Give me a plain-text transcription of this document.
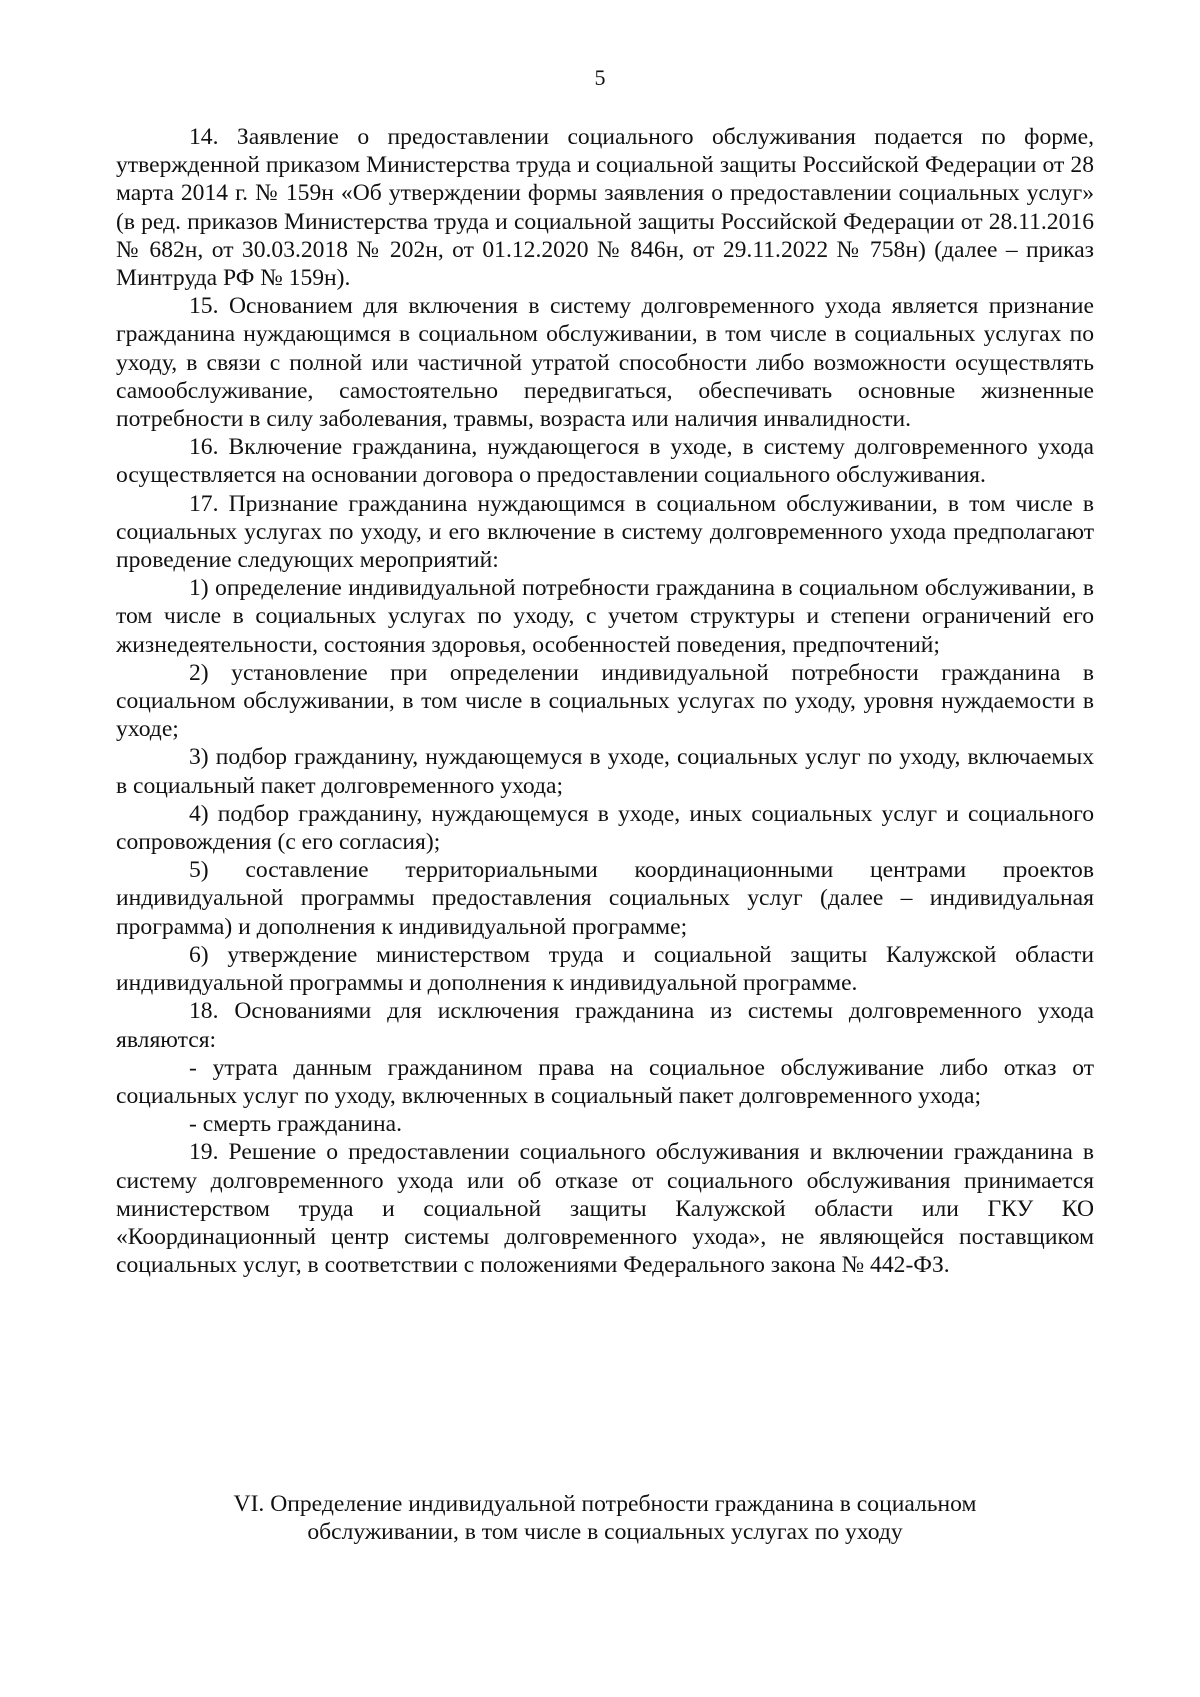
5

14. Заявление о предоставлении социального обслуживания подается по форме, утвержденной приказом Министерства труда и социальной защиты Российской Федерации от 28 марта 2014 г. № 159н «Об утверждении формы заявления о предоставлении социальных услуг» (в ред. приказов Министерства труда и социальной защиты Российской Федерации от 28.11.2016 № 682н, от 30.03.2018 № 202н, от 01.12.2020 № 846н, от 29.11.2022 № 758н) (далее – приказ Минтруда РФ № 159н).

15. Основанием для включения в систему долговременного ухода является признание гражданина нуждающимся в социальном обслуживании, в том числе в социальных услугах по уходу, в связи с полной или частичной утратой способности либо возможности осуществлять самообслуживание, самостоятельно передвигаться, обеспечивать основные жизненные потребности в силу заболевания, травмы, возраста или наличия инвалидности.

16. Включение гражданина, нуждающегося в уходе, в систему долговременного ухода осуществляется на основании договора о предоставлении социального обслуживания.

17. Признание гражданина нуждающимся в социальном обслуживании, в том числе в социальных услугах по уходу, и его включение в систему долговременного ухода предполагают проведение следующих мероприятий:

1) определение индивидуальной потребности гражданина в социальном обслуживании, в том числе в социальных услугах по уходу, с учетом структуры и степени ограничений его жизнедеятельности, состояния здоровья, особенностей поведения, предпочтений;

2) установление при определении индивидуальной потребности гражданина в социальном обслуживании, в том числе в социальных услугах по уходу, уровня нуждаемости в уходе;

3) подбор гражданину, нуждающемуся в уходе, социальных услуг по уходу, включаемых в социальный пакет долговременного ухода;

4) подбор гражданину, нуждающемуся в уходе, иных социальных услуг и социального сопровождения (с его согласия);

5) составление территориальными координационными центрами проектов индивидуальной программы предоставления социальных услуг (далее – индивидуальная программа) и дополнения к индивидуальной программе;

6) утверждение министерством труда и социальной защиты Калужской области индивидуальной программы и дополнения к индивидуальной программе.

18. Основаниями для исключения гражданина из системы долговременного ухода являются:

- утрата данным гражданином права на социальное обслуживание либо отказ от социальных услуг по уходу, включенных в социальный пакет долговременного ухода;

- смерть гражданина.

19. Решение о предоставлении социального обслуживания и включении гражданина в систему долговременного ухода или об отказе от социального обслуживания принимается министерством труда и социальной защиты Калужской области или ГКУ КО «Координационный центр системы долговременного ухода», не являющейся поставщиком социальных услуг, в соответствии с положениями Федерального закона № 442-ФЗ.

VI. Определение индивидуальной потребности гражданина в социальном
обслуживании, в том числе в социальных услугах по уходу
